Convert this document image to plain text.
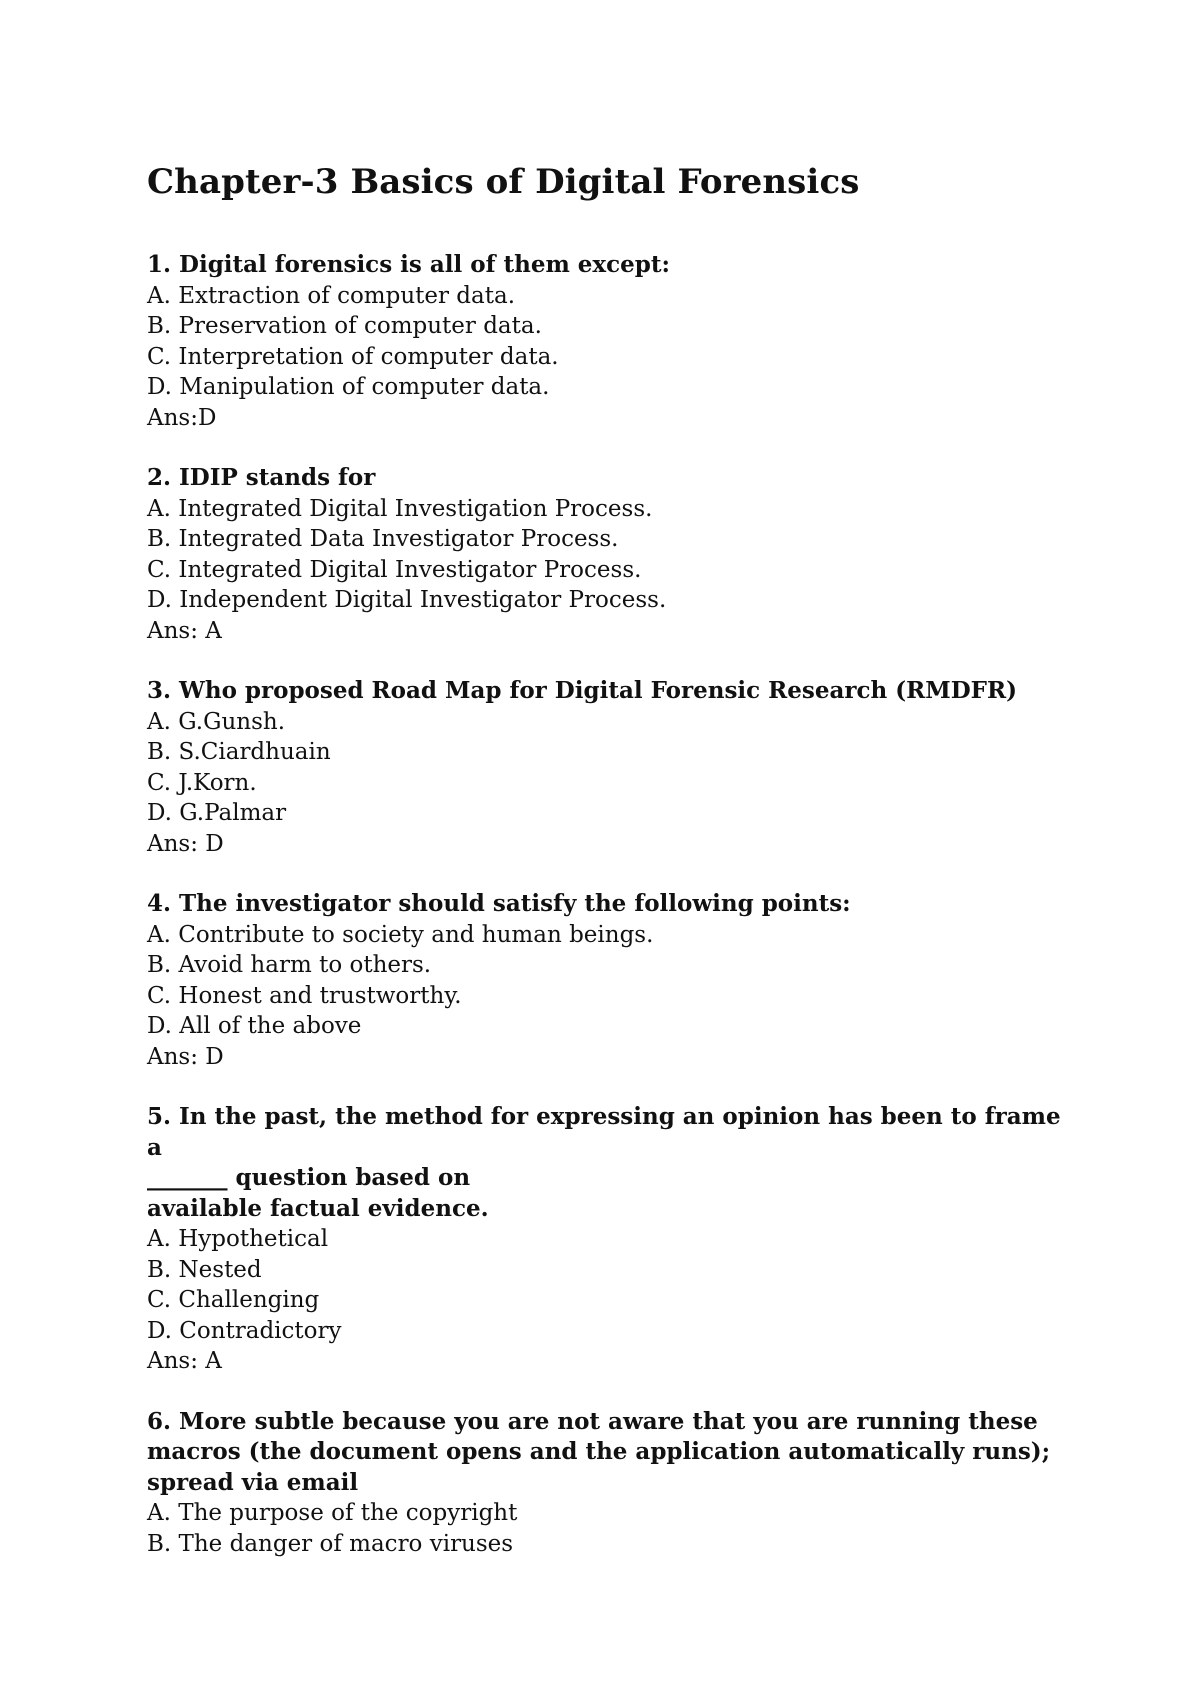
Chapter-3 Basics of Digital Forensics

1. Digital forensics is all of them except:

A. Extraction of computer data.
B. Preservation of computer data.
C. Interpretation of computer data.
D. Manipulation of computer data.
Ans:D

2. IDIP stands for

A. Integrated Digital Investigation Process.
B. Integrated Data Investigator Process.
C. Integrated Digital Investigator Process.
D. Independent Digital Investigator Process.
Ans: A

3. Who proposed Road Map for Digital Forensic Research (RMDFR)

A. G.Gunsh.
B. S.Ciardhuain
C. J.Korn.
D. G.Palmar
Ans: D

4. The investigator should satisfy the following points:

A. Contribute to society and human beings.
B. Avoid harm to others.
C. Honest and trustworthy.
D. All of the above
Ans: D

5. In the past, the method for expressing an opinion has been to frame a
_______ question based on
available factual evidence.

A. Hypothetical
B. Nested
C. Challenging
D. Contradictory
Ans: A

6. More subtle because you are not aware that you are running these
macros (the document opens and the application automatically runs);
spread via email

A. The purpose of the copyright
B. The danger of macro viruses
